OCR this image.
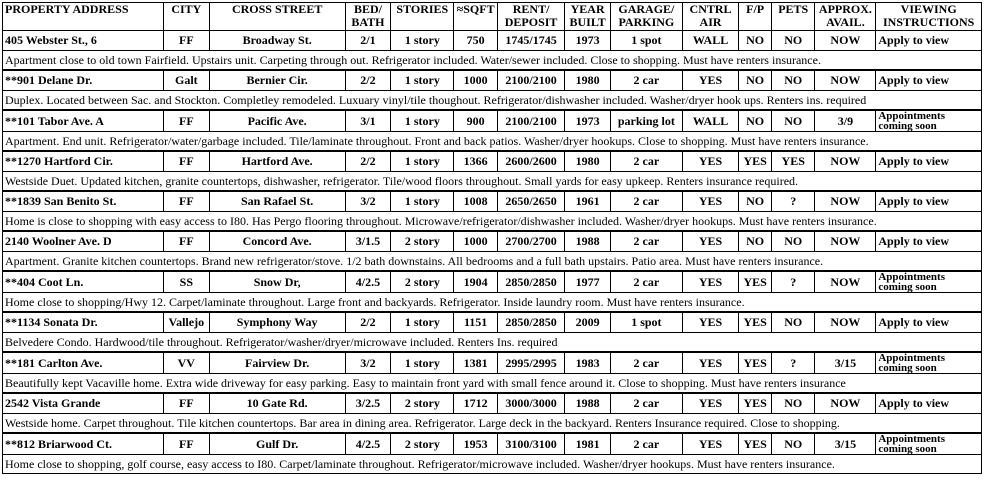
PROPERTY ADDRESS	CITY	CROSS STREET	BED/ BATH	STORIES	≈SQFT	RENT/ DEPOSIT	YEAR BUILT	GARAGE/ PARKING	CNTRL AIR	F/P	PETS	APPROX. AVAIL.	VIEWING INSTRUCTIONS
405 Webster St., 6	FF	Broadway St.	2/1	1 story	750	1745/1745	1973	1 spot	WALL	NO	NO	NOW	Apply to view
Apartment close to old town Fairfield. Upstairs unit. Carpeting through out. Refrigerator included. Water/sewer included. Close to shopping. Must have renters insurance.													
**901 Delane Dr.	Galt	Bernier Cir.	2/2	1 story	1000	2100/2100	1980	2 car	YES	NO	NO	NOW	Apply to view
Duplex. Located between Sac. and Stockton. Completley remodeled. Luxuary vinyl/tile thoughout. Refrigerator/dishwasher included. Washer/dryer hook ups. Renters ins. required													
**101 Tabor Ave. A	FF	Pacific Ave.	3/1	1 story	900	2100/2100	1973	parking lot	WALL	NO	NO	3/9	Appointments coming soon
Apartment. End unit. Refrigerator/water/garbage included. Tile/laminate throughout. Front and back patios. Washer/dryer hookups. Close to shopping. Must have renters insurance.													
**1270 Hartford Cir.	FF	Hartford Ave.	2/2	1 story	1366	2600/2600	1980	2 car	YES	YES	YES	NOW	Apply to view
Westside Duet. Updated kitchen, granite countertops, dishwasher, refrigerator. Tile/wood floors throughout. Small yards for easy upkeep. Renters insurance required.													
**1839 San Benito St.	FF	San Rafael St.	3/2	1 story	1008	2650/2650	1961	2 car	YES	NO	?	NOW	Apply to view
Home is close to shopping with easy access to I80. Has Pergo flooring throughout. Microwave/refrigerator/dishwasher included. Washer/dryer hookups. Must have renters insurance.													
2140 Woolner Ave. D	FF	Concord Ave.	3/1.5	2 story	1000	2700/2700	1988	2 car	YES	NO	NO	NOW	Apply to view
Apartment. Granite kitchen countertops. Brand new refrigerator/stove. 1/2 bath downstains. All bedrooms and a full bath upstairs. Patio area. Must have renters insurance.													
**404 Coot Ln.	SS	Snow Dr,	4/2.5	2 story	1904	2850/2850	1977	2 car	YES	YES	?	NOW	Appointments coming soon
Home close to shopping/Hwy 12. Carpet/laminate throughout. Large front and backyards. Refrigerator. Inside laundry room. Must have renters insurance.													
**1134 Sonata Dr.	Vallejo	Symphony Way	2/2	1 story	1151	2850/2850	2009	1 spot	YES	YES	NO	NOW	Apply to view
Belvedere Condo. Hardwood/tile throughout. Refrigerator/washer/dryer/microwave included. Renters Ins. required													
**181 Carlton Ave.	VV	Fairview Dr.	3/2	1 story	1381	2995/2995	1983	2 car	YES	YES	?	3/15	Appointments coming soon
Beautifully kept Vacaville home. Extra wide driveway for easy parking. Easy to maintain front yard with small fence around it. Close to shopping. Must have renters insurance													
2542 Vista Grande	FF	10 Gate Rd.	3/2.5	2 story	1712	3000/3000	1988	2 car	YES	YES	NO	NOW	Apply to view
Westside home. Carpet throughout. Tile kitchen countertops. Bar area in dining area. Refrigerator. Large deck in the backyard. Renters Insurance required. Close to shopping.													
**812 Briarwood Ct.	FF	Gulf Dr.	4/2.5	2 story	1953	3100/3100	1981	2 car	YES	YES	NO	3/15	Appointments coming soon
Home close to shopping, golf course, easy access to I80. Carpet/laminate throughout. Refrigerator/microwave included. Washer/dryer hookups. Must have renters insurance.													
